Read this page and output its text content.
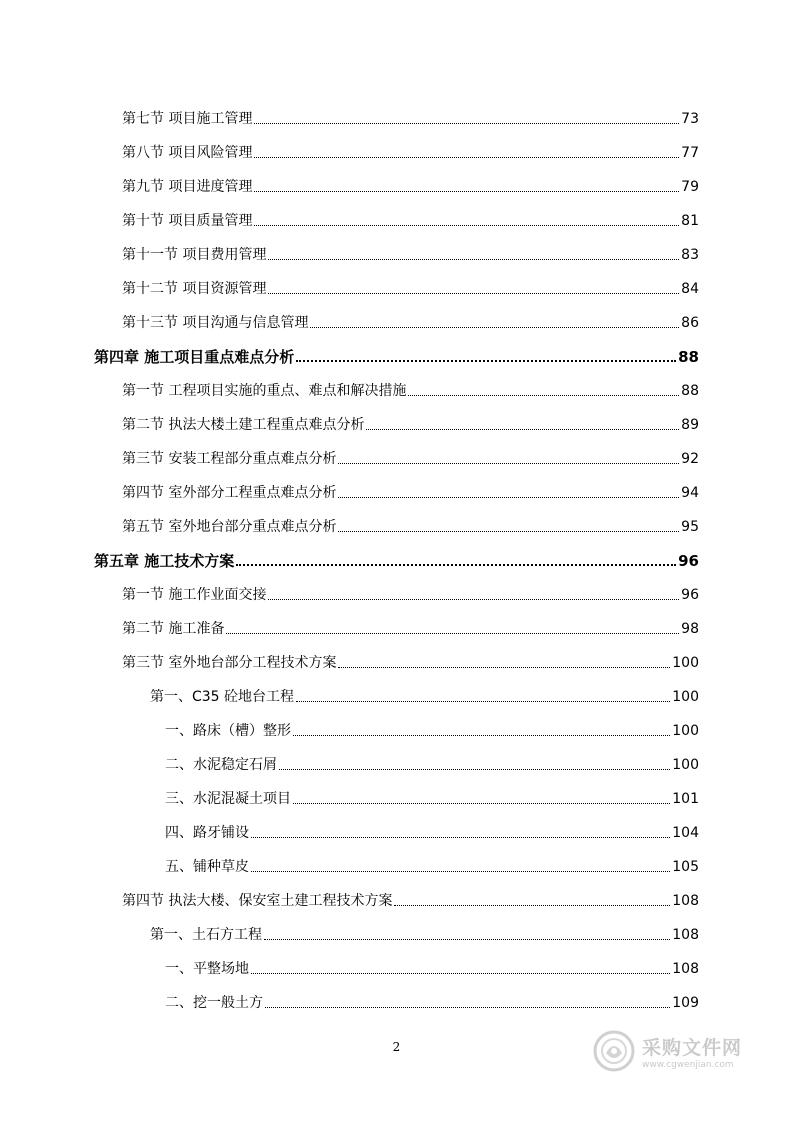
第七节 项目施工管理	73
第八节 项目风险管理	77
第九节 项目进度管理	79
第十节 项目质量管理	81
第十一节 项目费用管理	83
第十二节 项目资源管理	84
第十三节 项目沟通与信息管理	86
第四章 施工项目重点难点分析	88
第一节 工程项目实施的重点、难点和解决措施	88
第二节 执法大楼土建工程重点难点分析	89
第三节 安装工程部分重点难点分析	92
第四节 室外部分工程重点难点分析	94
第五节 室外地台部分重点难点分析	95
第五章 施工技术方案	96
第一节 施工作业面交接	96
第二节 施工准备	98
第三节 室外地台部分工程技术方案	100
第一、C35 砼地台工程	100
一、路床（槽）整形	100
二、水泥稳定石屑	100
三、水泥混凝土项目	101
四、路牙铺设	104
五、铺种草皮	105
第四节 执法大楼、保安室土建工程技术方案	108
第一、土石方工程	108
一、平整场地	108
二、挖一般土方	109
2	采购文件网
www.cgwenjian.com
